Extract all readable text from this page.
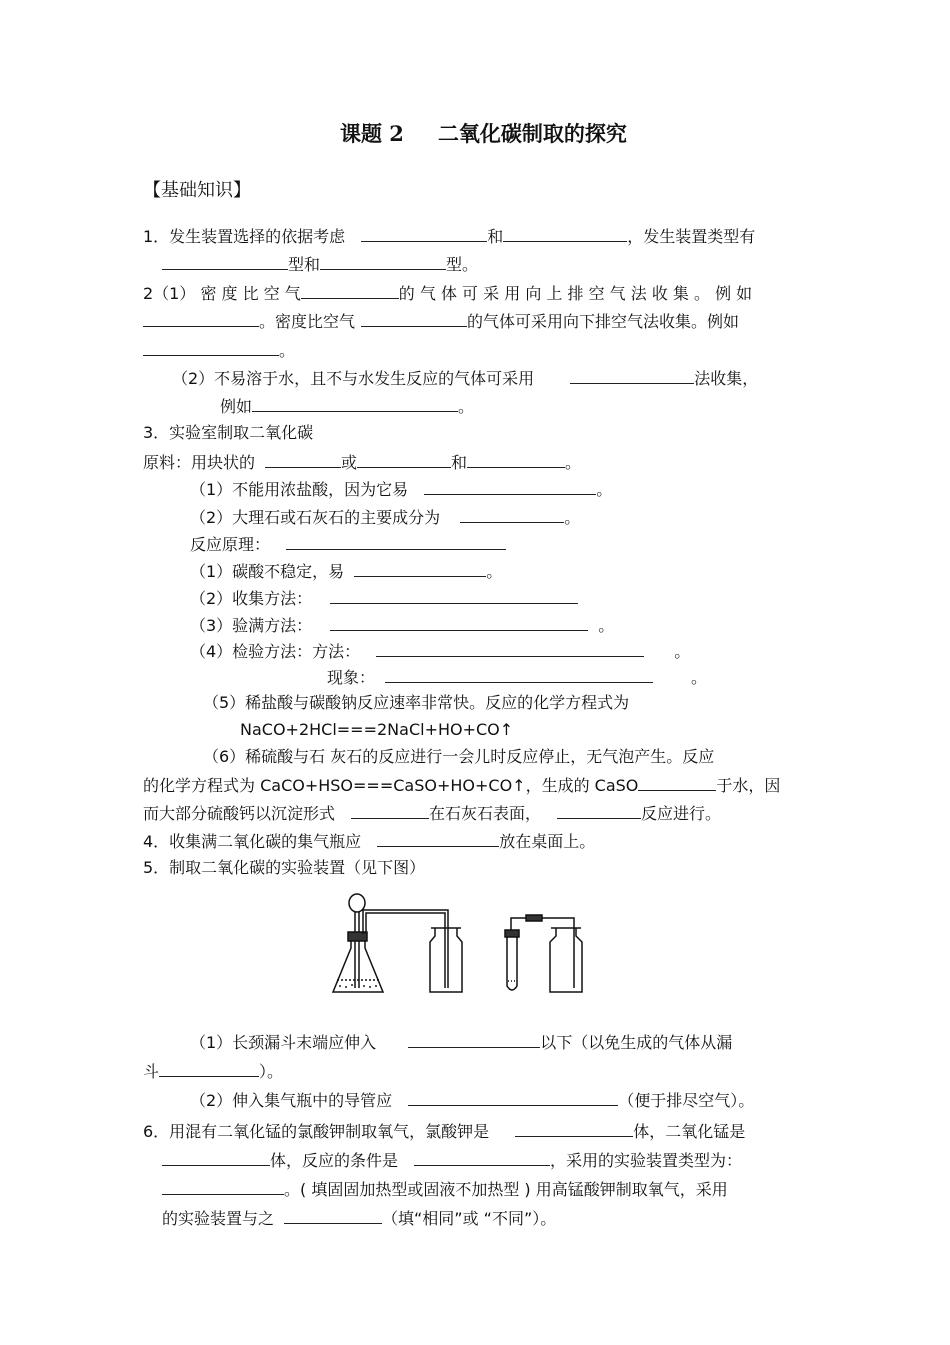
课题 2 二氧化碳制取的探究
【基础知识】
1．发生装置选择的依据考虑	和	，发生装置类型有
型和	型。
2（1） 密 度 比 空 气	的 气 体 可 采 用 向 上 排 空 气 法 收 集 。 例 如
。密度比空气	的气体可采用向下排空气法收集。例如
。
（2）不易溶于水，且不与水发生反应的气体可采用	法收集，
例如	。
3．实验室制取二氧化碳
原料：用块状的	或	和	。
（1）不能用浓盐酸，因为它易	。
（2）大理石或石灰石的主要成分为	。
反应原理：
（1）碳酸不稳定，易	。
（2）收集方法：
（3）验满方法：	。
（4）检验方法：方法：	。
现象：	。
（5）稀盐酸与碳酸钠反应速率非常快。反应的化学方程式为
NaCO+2HCl===2NaCl+HO+CO↑
（6）稀硫酸与石 灰石的反应进行一会儿时反应停止，无气泡产生。反应
的化学方程式为 CaCO+HSO===CaSO+HO+CO↑，生成的 CaSO	于水，因
而大部分硫酸钙以沉淀形式	在石灰石表面，	反应进行。
4．收集满二氧化碳的集气瓶应	放在桌面上。
5．制取二氧化碳的实验装置（见下图）
（1）长颈漏斗末端应伸入	以下（以免生成的气体从漏
斗	）。
（2）伸入集气瓶中的导管应	（便于排尽空气）。
6．用混有二氧化锰的氯酸钾制取氧气，氯酸钾是	体，二氧化锰是
体，反应的条件是	，采用的实验装置类型为：
。( 填固固加热型或固液不加热型 ) 用高锰酸钾制取氧气，采用
的实验装置与之	（填“相同”或 “不同”）。
